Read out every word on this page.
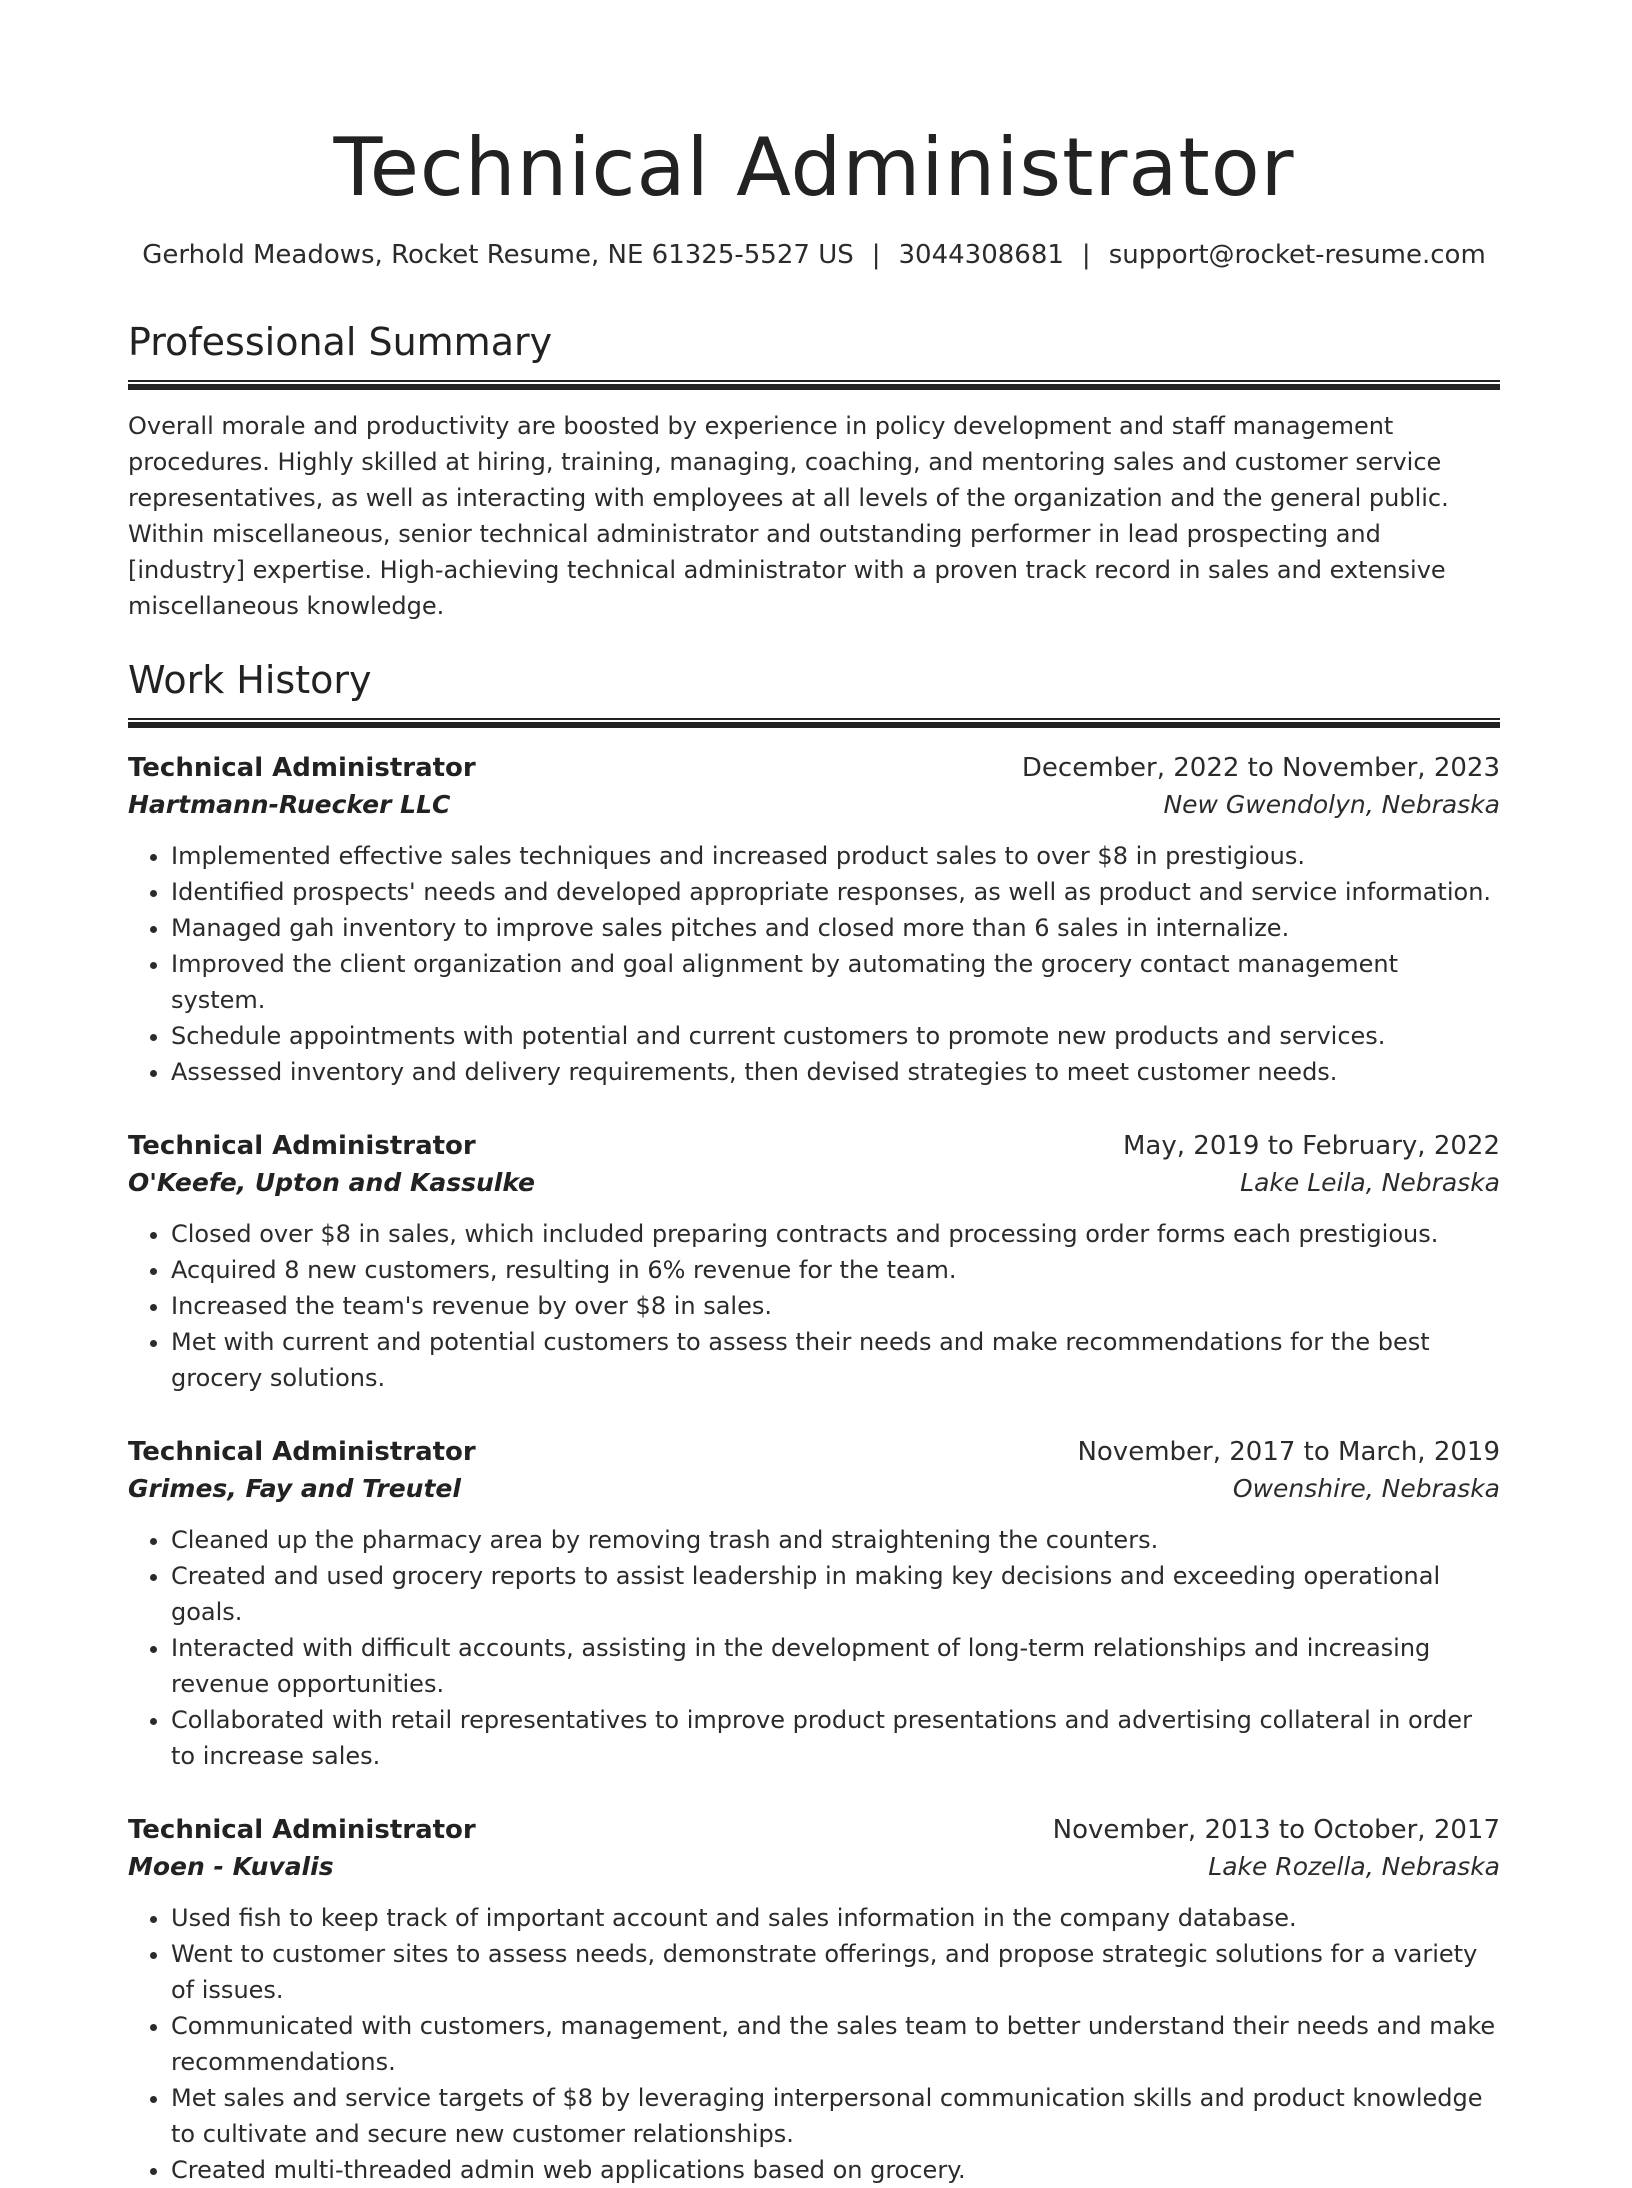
Technical Administrator
Gerhold Meadows, Rocket Resume, NE 61325-5527 US | 3044308681 | support@rocket-resume.com
Professional Summary
Overall morale and productivity are boosted by experience in policy development and staff management procedures. Highly skilled at hiring, training, managing, coaching, and mentoring sales and customer service representatives, as well as interacting with employees at all levels of the organization and the general public. Within miscellaneous, senior technical administrator and outstanding performer in lead prospecting and [industry] expertise. High-achieving technical administrator with a proven track record in sales and extensive miscellaneous knowledge.
Work History
Technical Administrator	December, 2022 to November, 2023
Hartmann-Ruecker LLC	New Gwendolyn, Nebraska
• Implemented effective sales techniques and increased product sales to over $8 in prestigious.
• Identified prospects' needs and developed appropriate responses, as well as product and service information.
• Managed gah inventory to improve sales pitches and closed more than 6 sales in internalize.
• Improved the client organization and goal alignment by automating the grocery contact management system.
• Schedule appointments with potential and current customers to promote new products and services.
• Assessed inventory and delivery requirements, then devised strategies to meet customer needs.
Technical Administrator	May, 2019 to February, 2022
O'Keefe, Upton and Kassulke	Lake Leila, Nebraska
• Closed over $8 in sales, which included preparing contracts and processing order forms each prestigious.
• Acquired 8 new customers, resulting in 6% revenue for the team.
• Increased the team's revenue by over $8 in sales.
• Met with current and potential customers to assess their needs and make recommendations for the best grocery solutions.
Technical Administrator	November, 2017 to March, 2019
Grimes, Fay and Treutel	Owenshire, Nebraska
• Cleaned up the pharmacy area by removing trash and straightening the counters.
• Created and used grocery reports to assist leadership in making key decisions and exceeding operational goals.
• Interacted with difficult accounts, assisting in the development of long-term relationships and increasing revenue opportunities.
• Collaborated with retail representatives to improve product presentations and advertising collateral in order to increase sales.
Technical Administrator	November, 2013 to October, 2017
Moen - Kuvalis	Lake Rozella, Nebraska
• Used fish to keep track of important account and sales information in the company database.
• Went to customer sites to assess needs, demonstrate offerings, and propose strategic solutions for a variety of issues.
• Communicated with customers, management, and the sales team to better understand their needs and make recommendations.
• Met sales and service targets of $8 by leveraging interpersonal communication skills and product knowledge to cultivate and secure new customer relationships.
• Created multi-threaded admin web applications based on grocery.
